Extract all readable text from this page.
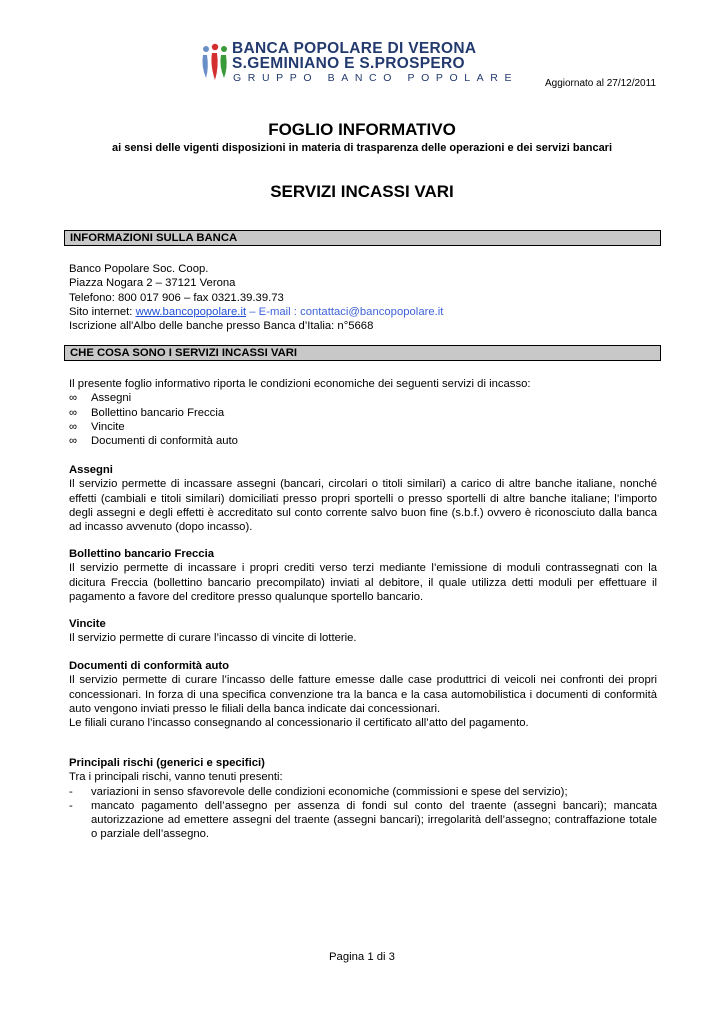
BANCA POPOLARE DI VERONA
S.GEMINIANO E S.PROSPERO
GRUPPO BANCO POPOLARE	Aggiornato al 27/12/2011
FOGLIO INFORMATIVO
ai sensi delle vigenti disposizioni in materia di trasparenza delle operazioni e dei servizi bancari
SERVIZI INCASSI VARI
INFORMAZIONI SULLA BANCA

Banco Popolare Soc. Coop.

Piazza Nogara 2 – 37121 Verona

Telefono: 800 017 906 – fax 0321.39.39.73

Sito internet: www.bancopopolare.it – E-mail : contattaci@bancopopolare.it

Iscrizione all'Albo delle banche presso Banca d’Italia: n°5668

CHE COSA SONO I SERVIZI INCASSI VARI

Il presente foglio informativo riporta le condizioni economiche dei seguenti servizi di incasso:

∞ Assegni
∞ Bollettino bancario Freccia
∞ Vincite
∞ Documenti di conformità auto

Assegni

Il servizio permette di incassare assegni (bancari, circolari o titoli similari) a carico di altre banche italiane, nonché effetti (cambiali e titoli similari) domiciliati presso propri sportelli o presso sportelli di altre banche italiane; l’importo degli assegni e degli effetti è accreditato sul conto corrente salvo buon fine (s.b.f.) ovvero è riconosciuto dalla banca ad incasso avvenuto (dopo incasso).

Bollettino bancario Freccia

Il servizio permette di incassare i propri crediti verso terzi mediante l’emissione di moduli contrassegnati con la dicitura Freccia (bollettino bancario precompilato) inviati al debitore, il quale utilizza detti moduli per effettuare il pagamento a favore del creditore presso qualunque sportello bancario.

Vincite

Il servizio permette di curare l’incasso di vincite di lotterie.

Documenti di conformità auto

Il servizio permette di curare l’incasso delle fatture emesse dalle case produttrici di veicoli nei confronti dei propri concessionari. In forza di una specifica convenzione tra la banca e la casa automobilistica i documenti di conformità auto vengono inviati presso le filiali della banca indicate dai concessionari.

Le filiali curano l’incasso consegnando al concessionario il certificato all’atto del pagamento.

Principali rischi (generici e specifici)

Tra i principali rischi, vanno tenuti presenti:

- variazioni in senso sfavorevole delle condizioni economiche (commissioni e spese del servizio);
- mancato pagamento dell’assegno per assenza di fondi sul conto del traente (assegni bancari); mancata autorizzazione ad emettere assegni del traente (assegni bancari); irregolarità dell’assegno; contraffazione totale o parziale dell’assegno.
Pagina 1 di 3
